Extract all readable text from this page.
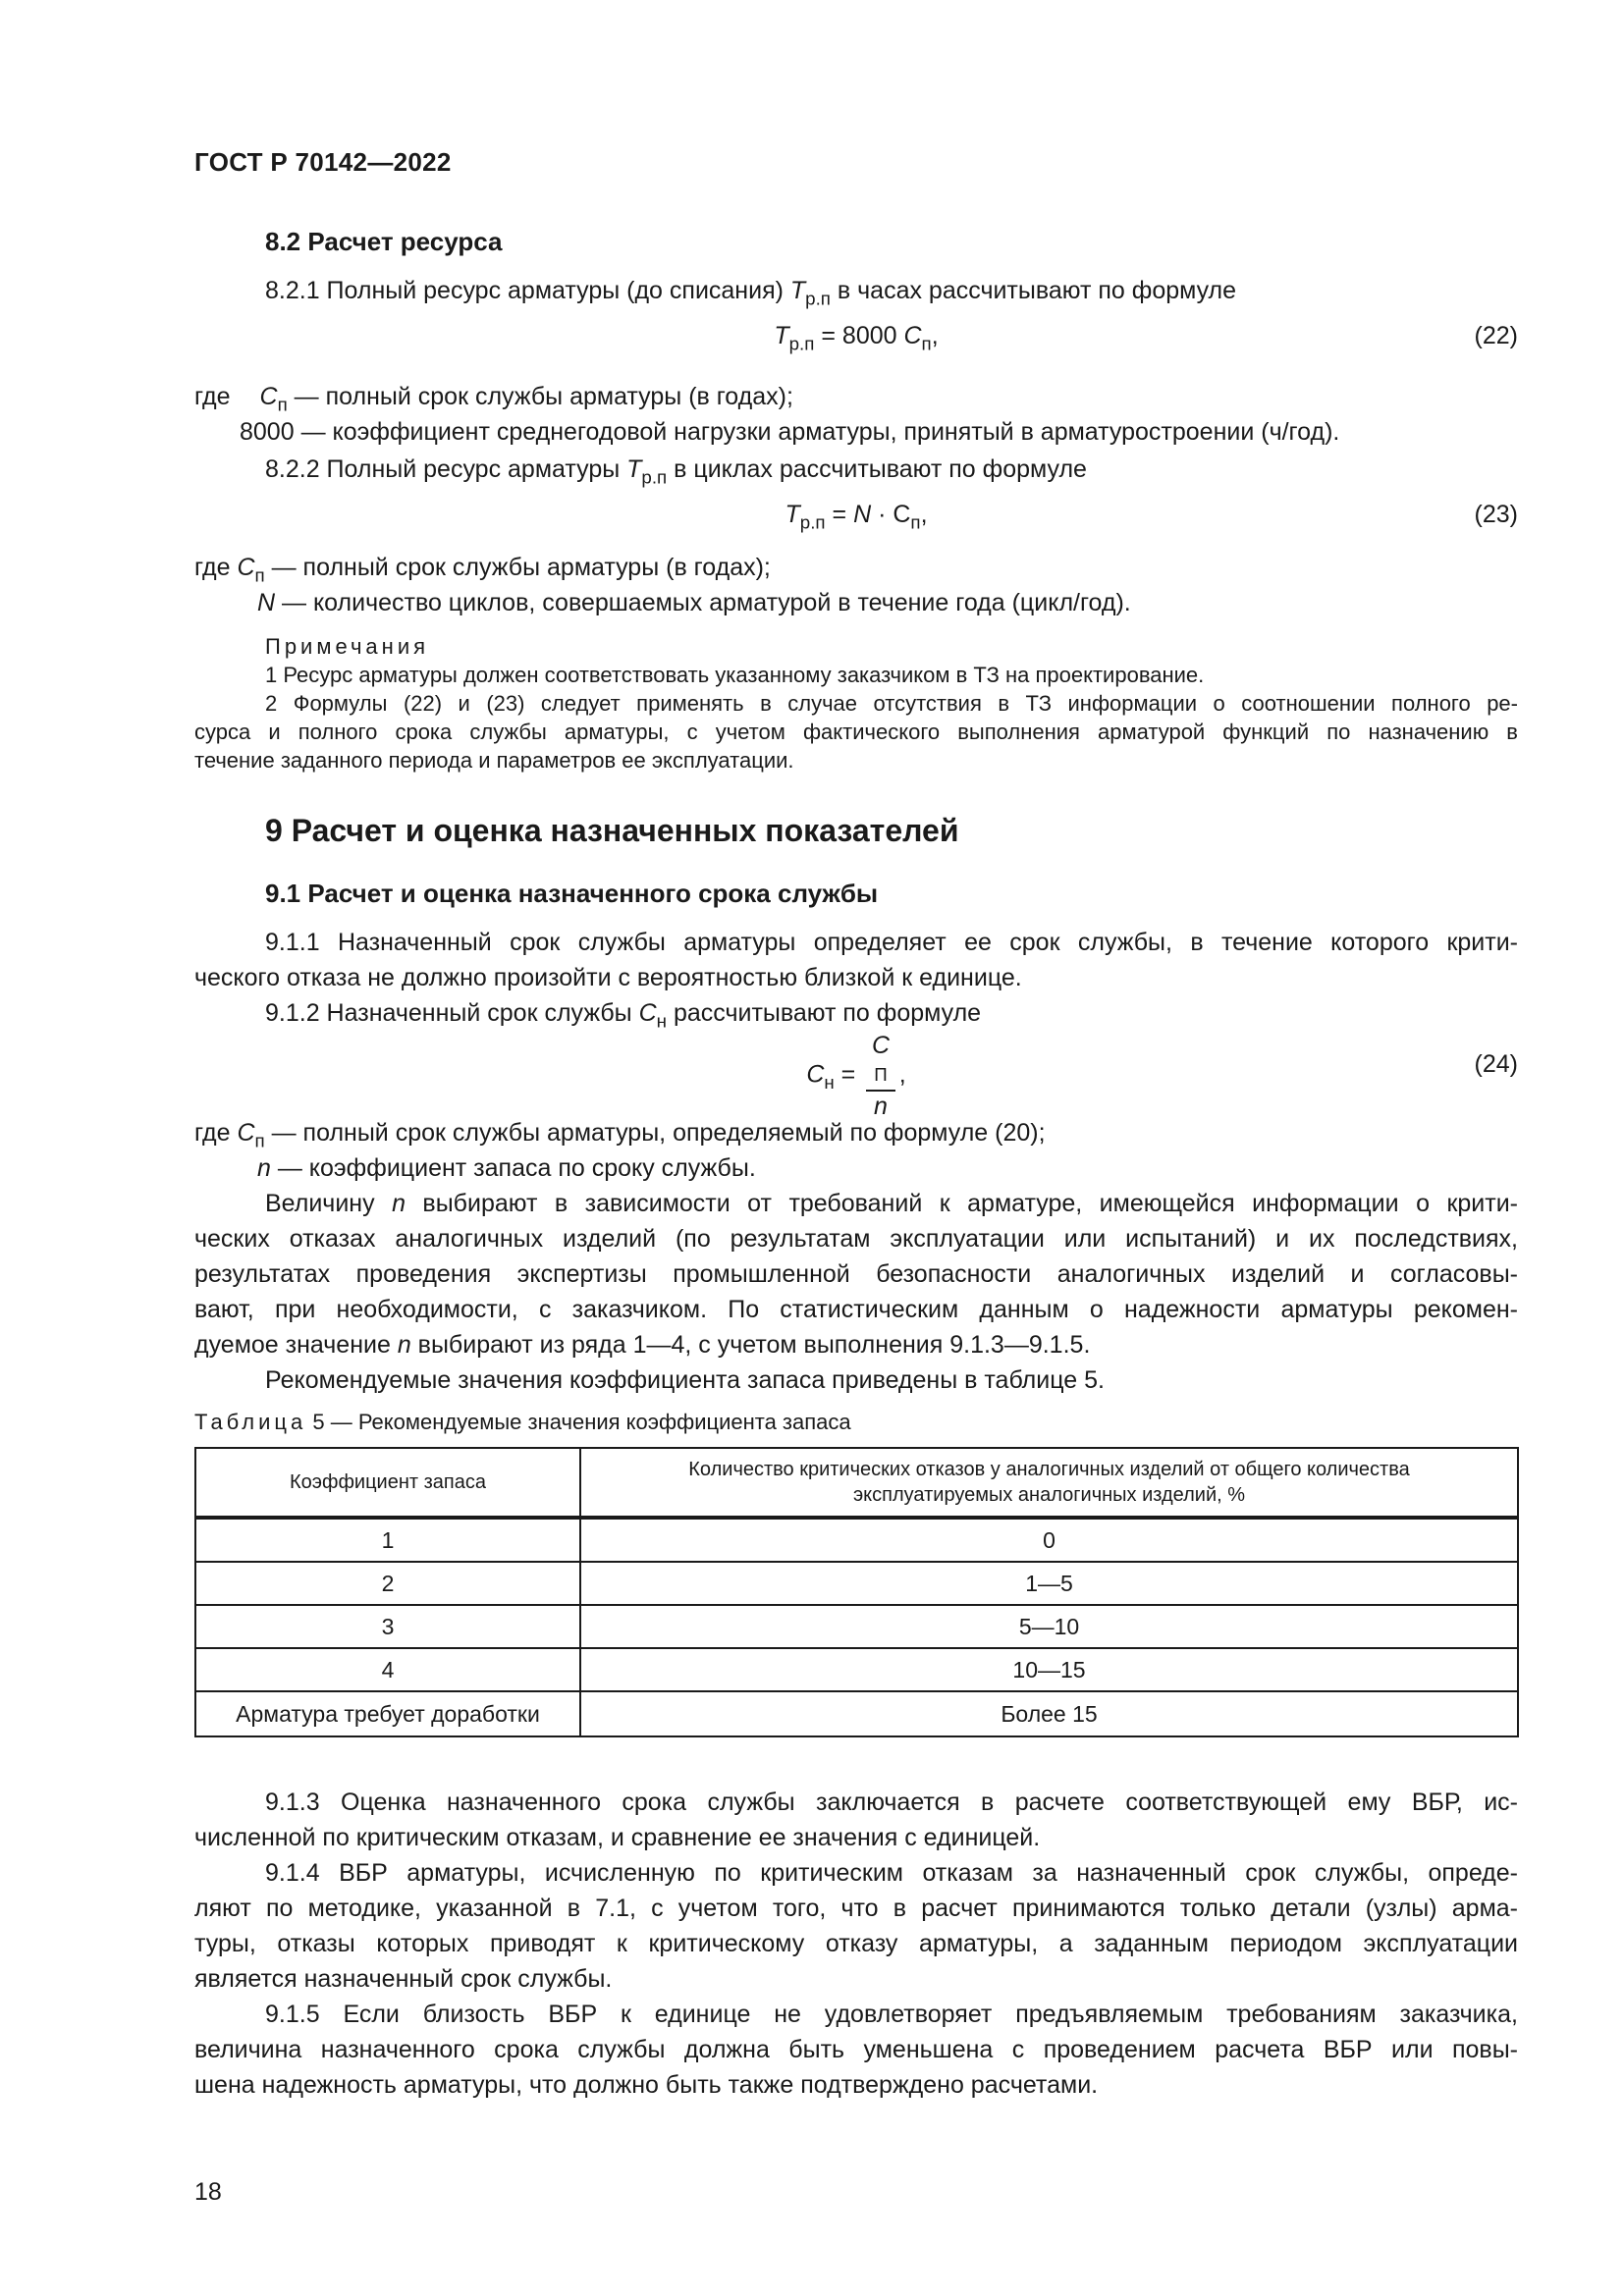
ГОСТ Р 70142—2022
8.2 Расчет ресурса
8.2.1 Полный ресурс арматуры (до списания) $T_{р.п}$ в часах рассчитывают по формуле
$T_{р.п} = 8000$ $C_п$,	(22)
где $C_п$ — полный срок службы арматуры (в годах);
8000 — коэффициент среднегодовой нагрузки арматуры, принятый в арматуростроении (ч/год).
8.2.2 Полный ресурс арматуры $T_{р.п}$ в циклах рассчитывают по формуле
$T_{р.п} = N \cdot С_п$,	(23)
где $C_п$ — полный срок службы арматуры (в годах);
N — количество циклов, совершаемых арматурой в течение года (цикл/год).
Примечания
1 Ресурс арматуры должен соответствовать указанному заказчиком в ТЗ на проектирование.
2 Формулы (22) и (23) следует применять в случае отсутствия в ТЗ информации о соотношении полного ре-
сурса и полного срока службы арматуры, с учетом фактического выполнения арматурой функций по назначению в
течение заданного периода и параметров ее эксплуатации.
9 Расчет и оценка назначенных показателей
9.1 Расчет и оценка назначенного срока службы
9.1.1 Назначенный срок службы арматуры определяет ее срок службы, в течение которого крити-
ческого отказа не должно произойти с вероятностью близкой к единице.
9.1.2 Назначенный срок службы $C_н$ рассчитывают по формуле
$C_н = C$
П
n ,	(24)
где $C_п$ — полный срок службы арматуры, определяемый по формуле (20);
n — коэффициент запаса по сроку службы.
Величину n выбирают в зависимости от требований к арматуре, имеющейся информации о крити-
ческих отказах аналогичных изделий (по результатам эксплуатации или испытаний) и их последствиях,
результатах проведения экспертизы промышленной безопасности аналогичных изделий и согласовы-
вают, при необходимости, с заказчиком. По статистическим данным о надежности арматуры рекомен-
дуемое значение n выбирают из ряда 1—4, с учетом выполнения 9.1.3—9.1.5.
Рекомендуемые значения коэффициента запаса приведены в таблице 5.
Таблица 5 — Рекомендуемые значения коэффициента запаса
Коэффициент запаса	Количество критических отказов у аналогичных изделий от общего количества
эксплуатируемых аналогичных изделий, %
1	0
2	1—5
3	5—10
4	10—15
Арматура требует доработки	Более 15
9.1.3 Оценка назначенного срока службы заключается в расчете соответствующей ему ВБР, ис-
численной по критическим отказам, и сравнение ее значения с единицей.
9.1.4 ВБР арматуры, исчисленную по критическим отказам за назначенный срок службы, опреде-
ляют по методике, указанной в 7.1, с учетом того, что в расчет принимаются только детали (узлы) арма-
туры, отказы которых приводят к критическому отказу арматуры, а заданным периодом эксплуатации
является назначенный срок службы.
9.1.5 Если близость ВБР к единице не удовлетворяет предъявляемым требованиям заказчика,
величина назначенного срока службы должна быть уменьшена с проведением расчета ВБР или повы-
шена надежность арматуры, что должно быть также подтверждено расчетами.
18
